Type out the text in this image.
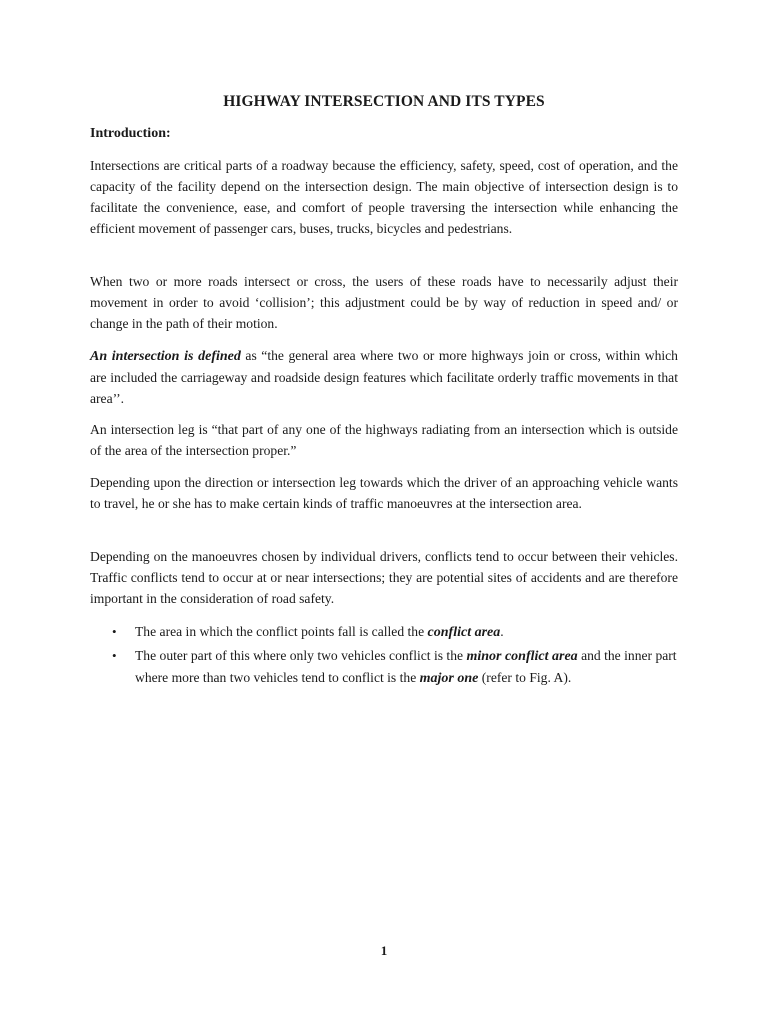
HIGHWAY INTERSECTION AND ITS TYPES
Introduction:

Intersections are critical parts of a roadway because the efficiency, safety, speed, cost of operation, and the capacity of the facility depend on the intersection design. The main objective of intersection design is to facilitate the convenience, ease, and comfort of people traversing the intersection while enhancing the efficient movement of passenger cars, buses, trucks, bicycles and pedestrians.

When two or more roads intersect or cross, the users of these roads have to necessarily adjust their movement in order to avoid ‘collision’; this adjustment could be by way of reduction in speed and/ or change in the path of their motion.

An intersection is defined as “the general area where two or more highways join or cross, within which are included the carriageway and roadside design features which facilitate orderly traffic movements in that area’’.

An intersection leg is “that part of any one of the highways radiating from an intersection which is outside of the area of the intersection proper.”

Depending upon the direction or intersection leg towards which the driver of an approaching vehicle wants to travel, he or she has to make certain kinds of traffic manoeuvres at the intersection area.

Depending on the manoeuvres chosen by individual drivers, conflicts tend to occur between their vehicles. Traffic conflicts tend to occur at or near intersections; they are potential sites of accidents and are therefore important in the consideration of road safety.

• The area in which the conflict points fall is called the conflict area.
• The outer part of this where only two vehicles conflict is the minor conflict area and the inner part where more than two vehicles tend to conflict is the major one (refer to Fig. A).
1
